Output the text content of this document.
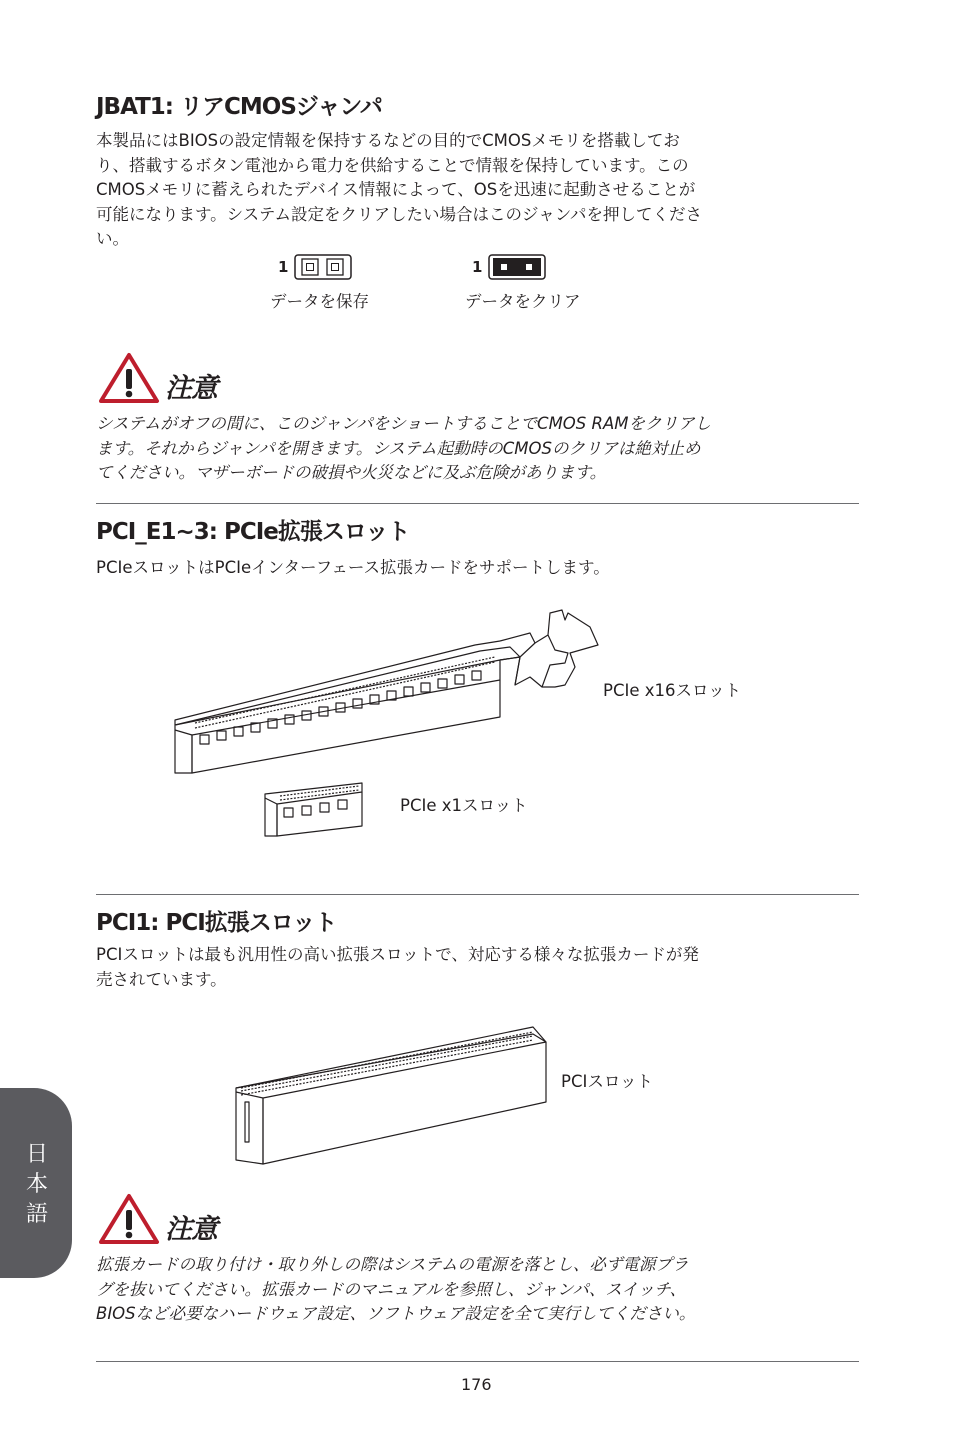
JBAT1: リアCMOSジャンパ
本製品にはBIOSの設定情報を保持するなどの目的でCMOSメモリを搭載してお
り、搭載するボタン電池から電力を供給することで情報を保持しています。この
CMOSメモリに蓄えられたデバイス情報によって、OSを迅速に起動させることが
可能になります。システム設定をクリアしたい場合はこのジャンパを押してくださ
い。
1
データを保存
1
データをクリア
注意
システムがオフの間に、このジャンパをショートすることでCMOS RAMをクリアし
ます。それからジャンパを開きます。システム起動時のCMOSのクリアは絶対止め
てください。マザーボードの破損や火災などに及ぶ危険があります。
PCI_E1~3: PCIe拡張スロット
PCIeスロットはPCIeインターフェース拡張カードをサポートします。
PCIe x16スロット
PCIe x1スロット
PCI1: PCI拡張スロット
PCIスロットは最も汎用性の高い拡張スロットで、対応する様々な拡張カードが発
売されています。
PCIスロット
注意
拡張カードの取り付け・取り外しの際はシステムの電源を落とし、必ず電源プラ
グを抜いてください。拡張カードのマニュアルを参照し、ジャンパ、スイッチ、
BIOSなど必要なハードウェア設定、ソフトウェア設定を全て実行してください。
日本語
176
